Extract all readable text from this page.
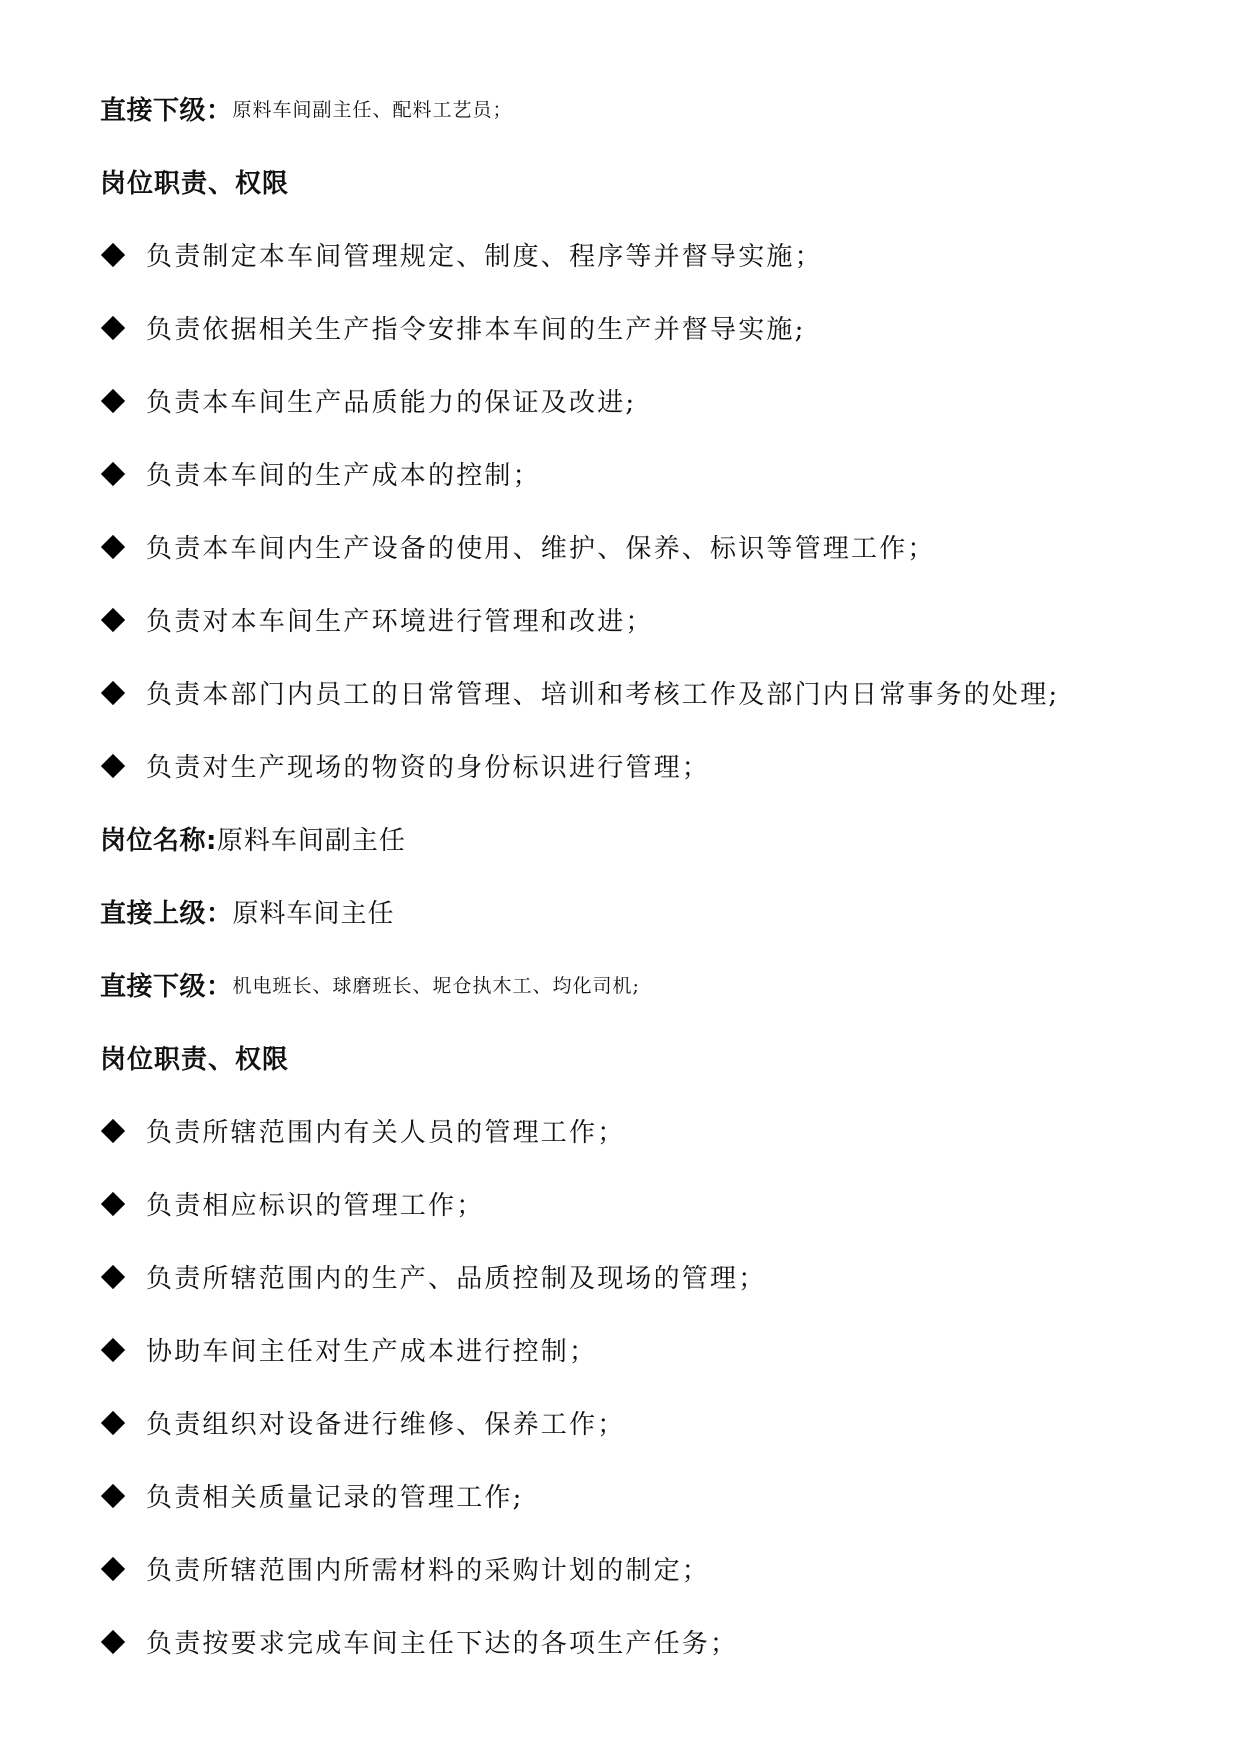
直接下级： 原料车间副主任、配料工艺员；
岗位职责、权限
负责制定本车间管理规定、制度、程序等并督导实施；
负责依据相关生产指令安排本车间的生产并督导实施;
负责本车间生产品质能力的保证及改进;
负责本车间的生产成本的控制；
负责本车间内生产设备的使用、维护、保养、标识等管理工作；
负责对本车间生产环境进行管理和改进；
负责本部门内员工的日常管理、培训和考核工作及部门内日常事务的处理;
负责对生产现场的物资的身份标识进行管理；
岗位名称: 原料车间副主任
直接上级： 原料车间主任
直接下级： 机电班长、球磨班长、坭仓执木工、均化司机;
岗位职责、权限
负责所辖范围内有关人员的管理工作；
负责相应标识的管理工作；
负责所辖范围内的生产、品质控制及现场的管理；
协助车间主任对生产成本进行控制；
负责组织对设备进行维修、保养工作；
负责相关质量记录的管理工作;
负责所辖范围内所需材料的采购计划的制定；
负责按要求完成车间主任下达的各项生产任务；
